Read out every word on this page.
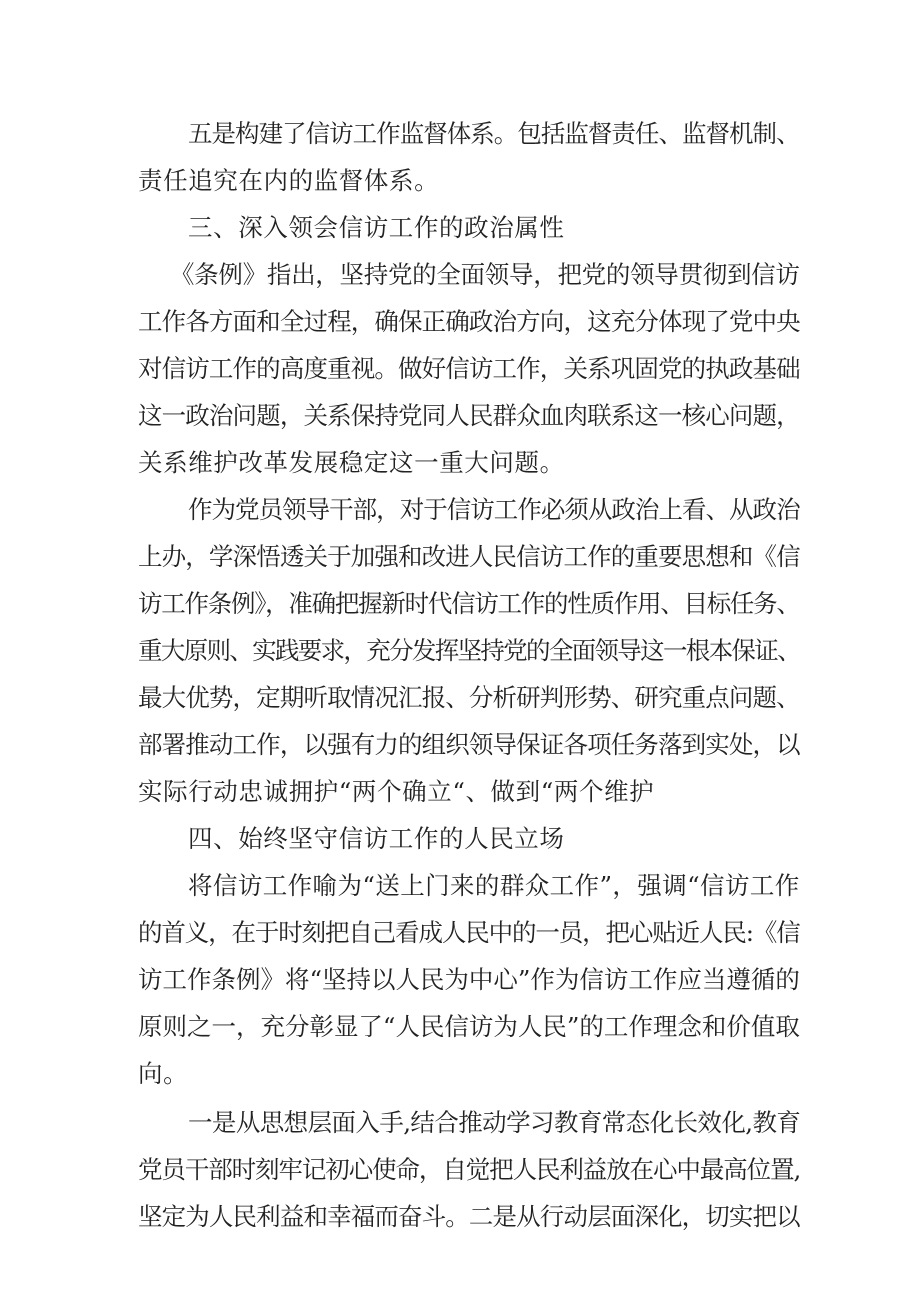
五是构建了信访工作监督体系。包括监督责任、监督机制、
责任追究在内的监督体系。
三、深入领会信访工作的政治属性
《条例》指出，坚持党的全面领导，把党的领导贯彻到信访
工作各方面和全过程，确保正确政治方向，这充分体现了党中央
对信访工作的高度重视。做好信访工作，关系巩固党的执政基础
这一政治问题，关系保持党同人民群众血肉联系这一核心问题，
关系维护改革发展稳定这一重大问题。
作为党员领导干部，对于信访工作必须从政治上看、从政治
上办，学深悟透关于加强和改进人民信访工作的重要思想和《信
访工作条例》，准确把握新时代信访工作的性质作用、目标任务、
重大原则、实践要求，充分发挥坚持党的全面领导这一根本保证、
最大优势，定期听取情况汇报、分析研判形势、研究重点问题、
部署推动工作，以强有力的组织领导保证各项任务落到实处，以
实际行动忠诚拥护“两个确立“、做到“两个维护
四、始终坚守信访工作的人民立场
将信访工作喻为“送上门来的群众工作”，强调“信访工作
的首义，在于时刻把自己看成人民中的一员，把心贴近人民:《信
访工作条例》将“坚持以人民为中心”作为信访工作应当遵循的
原则之一，充分彰显了“人民信访为人民”的工作理念和价值取
向。
一是从思想层面入手,结合推动学习教育常态化长效化,教育
党员干部时刻牢记初心使命，自觉把人民利益放在心中最高位置,
坚定为人民利益和幸福而奋斗。二是从行动层面深化，切实把以
